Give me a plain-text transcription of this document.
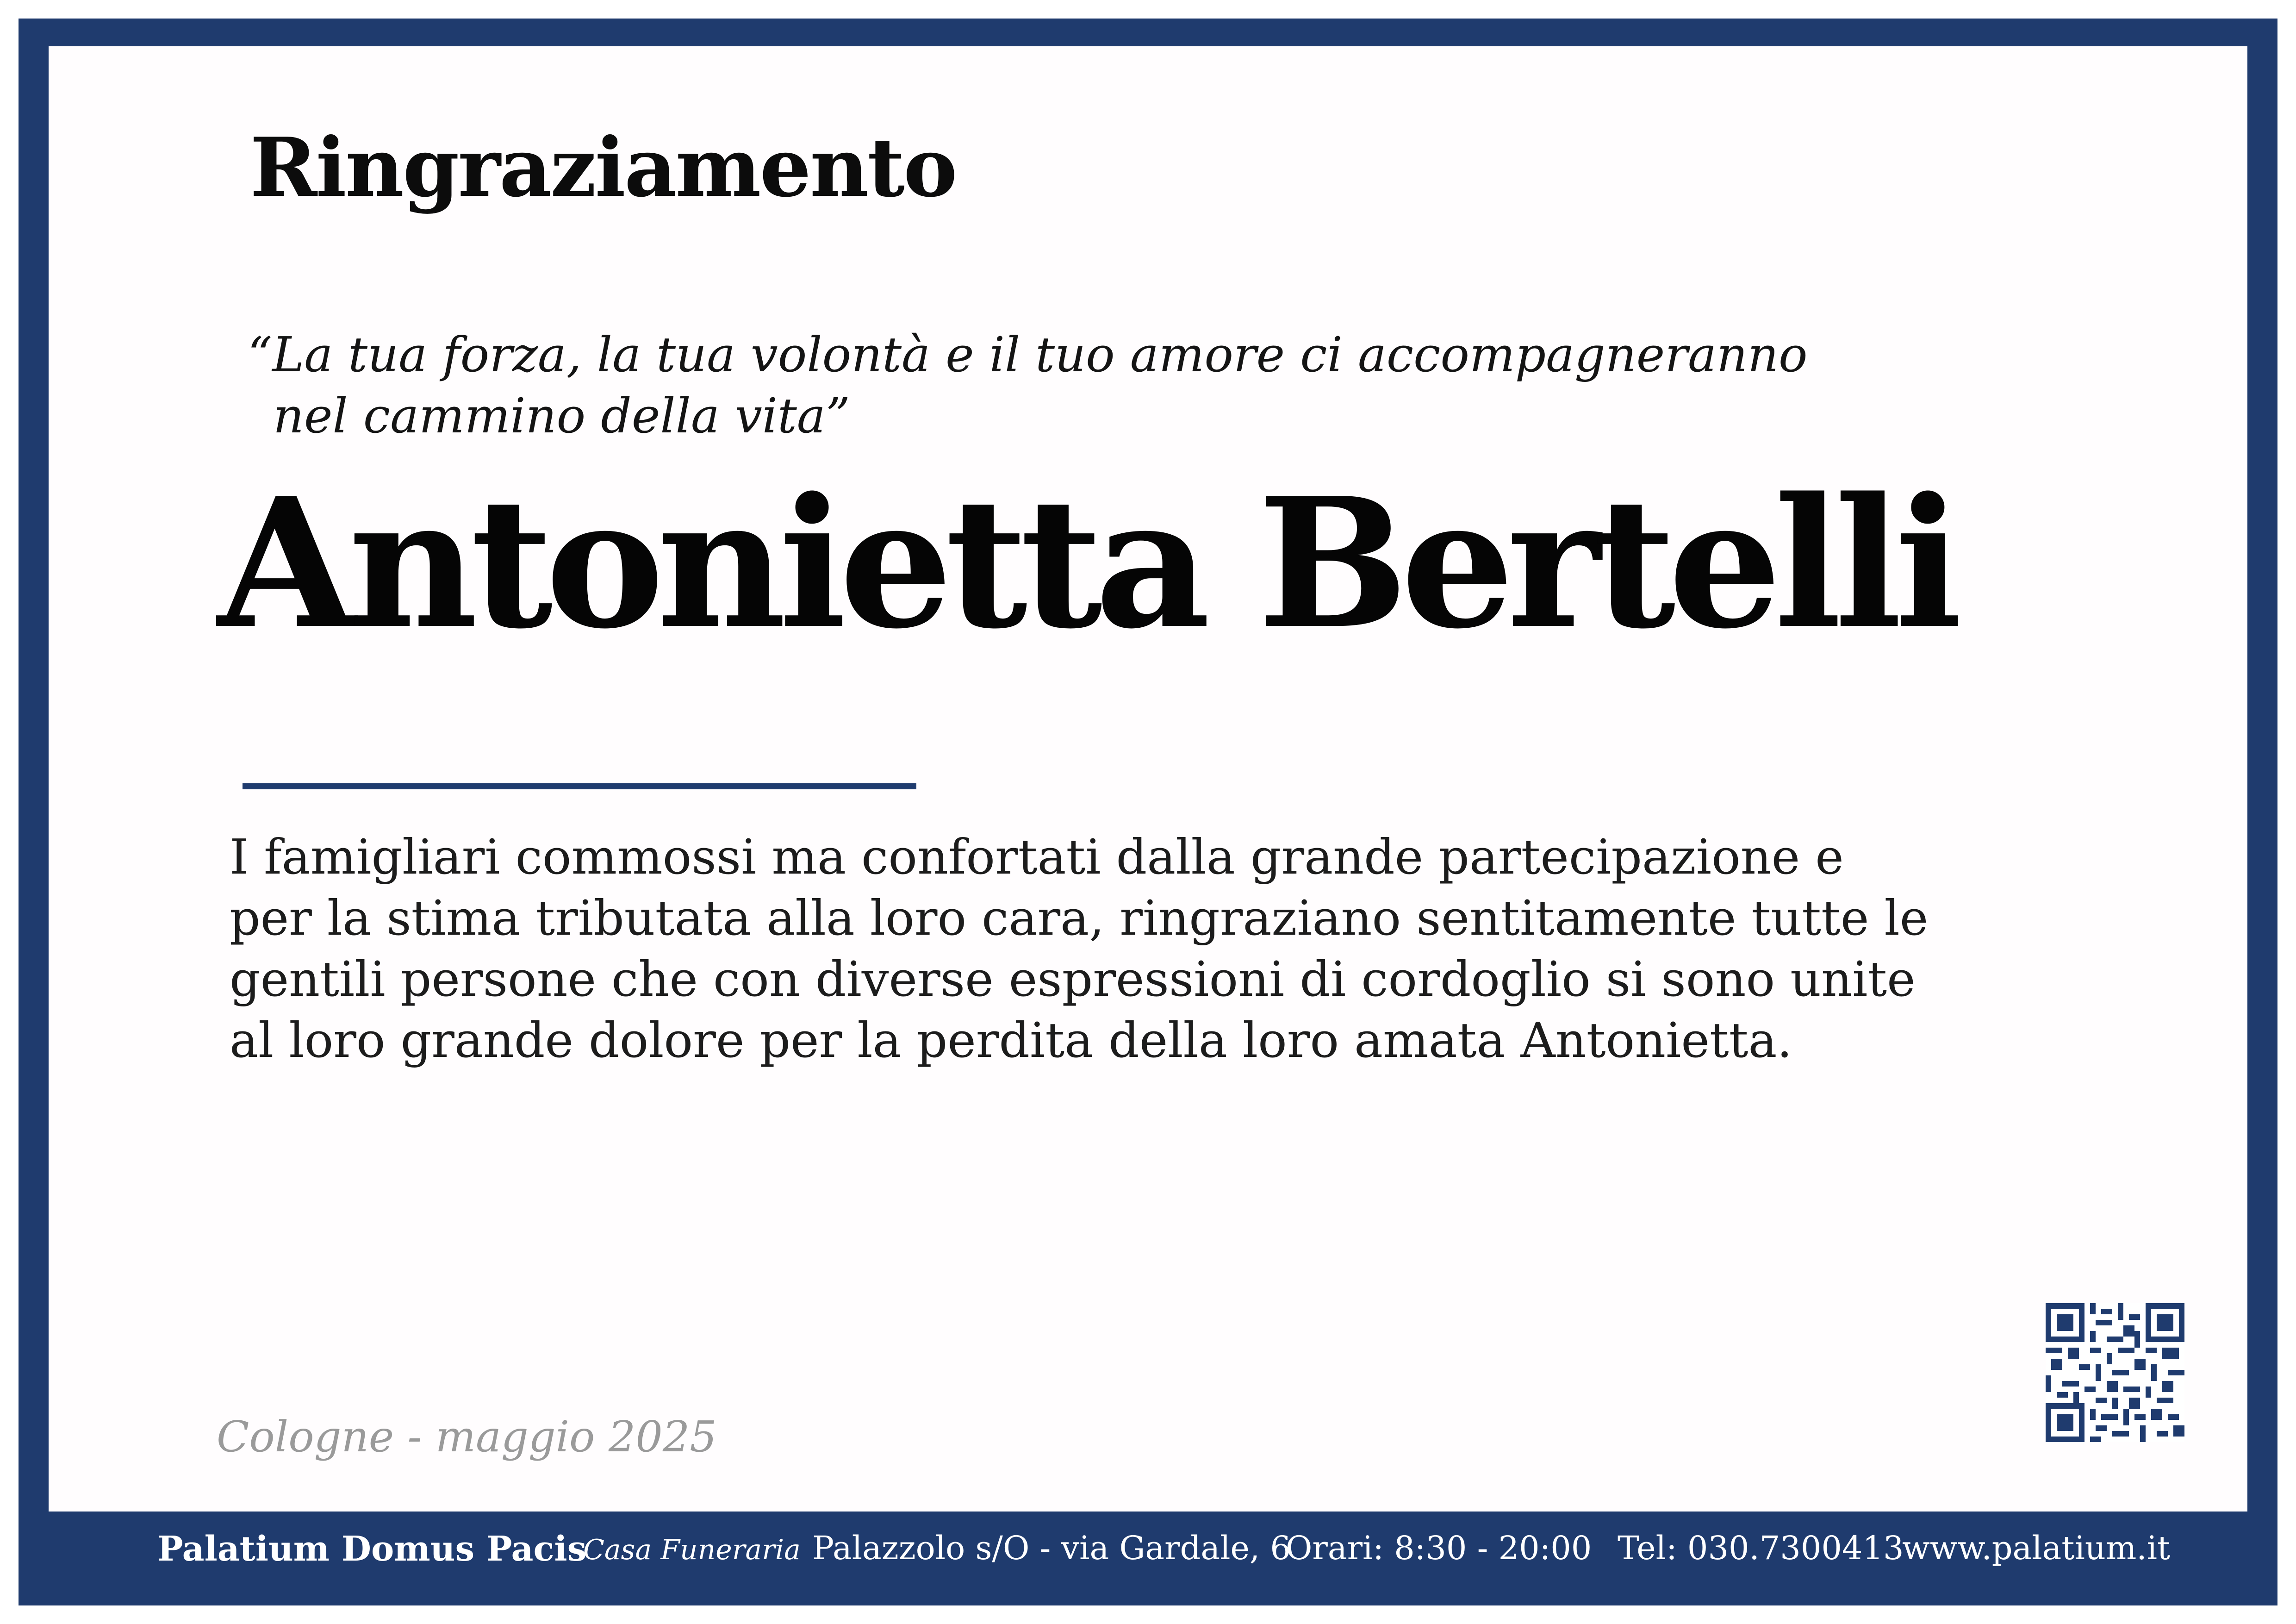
Ringraziamento
“La tua forza, la tua volontà e il tuo amore ci accompagneranno
nel cammino della vita”
Antonietta Bertelli
I famigliari commossi ma confortati dalla grande partecipazione e
per la stima tributata alla loro cara, ringraziano sentitamente tutte le
gentili persone che con diverse espressioni di cordoglio si sono unite
al loro grande dolore per la perdita della loro amata Antonietta.
Cologne - maggio 2025
Palatium Domus Pacis
Casa Funeraria Palazzolo s/O - via Gardale, 6
Orari: 8:30 - 20:00 Tel: 030.7300413
www.palatium.it
